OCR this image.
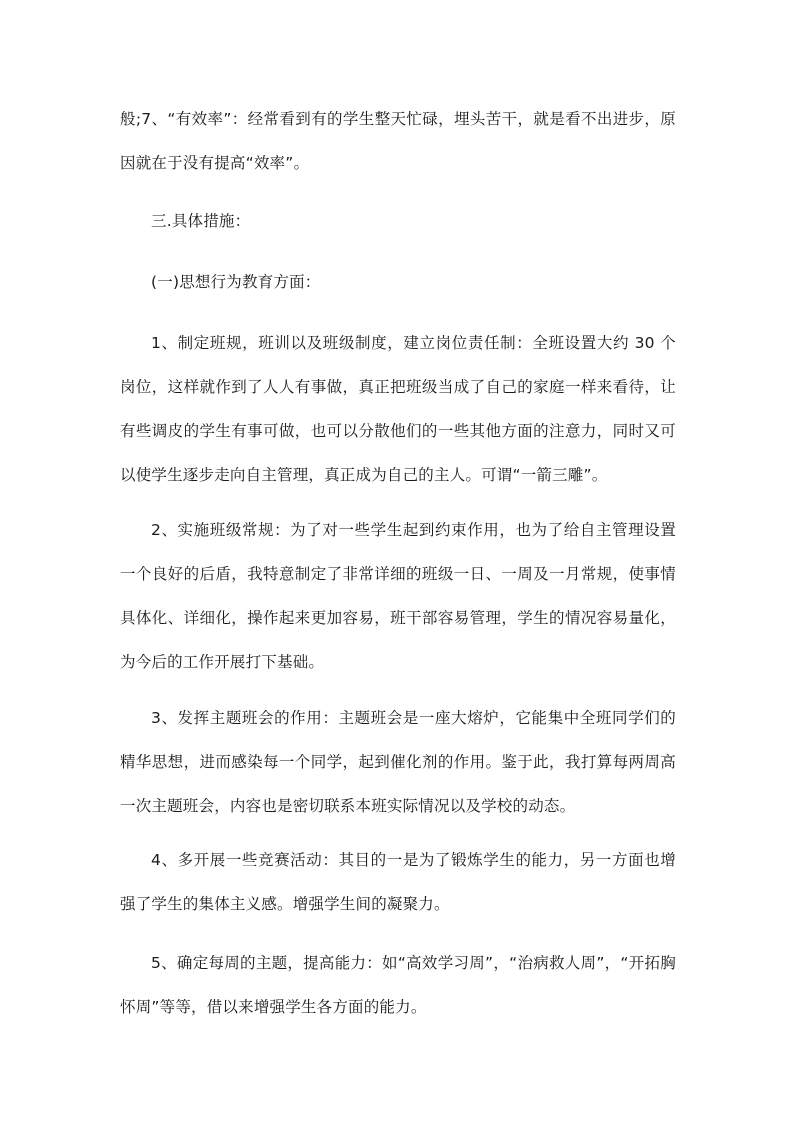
般;7、“有效率”：经常看到有的学生整天忙碌，埋头苦干，就是看不出进步，原因就在于没有提高“效率”。

三.具体措施：

(一)思想行为教育方面：

1、制定班规，班训以及班级制度，建立岗位责任制：全班设置大约 30 个岗位，这样就作到了人人有事做，真正把班级当成了自己的家庭一样来看待，让有些调皮的学生有事可做，也可以分散他们的一些其他方面的注意力，同时又可以使学生逐步走向自主管理，真正成为自己的主人。可谓“一箭三雕”。

2、实施班级常规：为了对一些学生起到约束作用，也为了给自主管理设置一个良好的后盾，我特意制定了非常详细的班级一日、一周及一月常规，使事情具体化、详细化，操作起来更加容易，班干部容易管理，学生的情况容易量化，为今后的工作开展打下基础。

3、发挥主题班会的作用：主题班会是一座大熔炉，它能集中全班同学们的精华思想，进而感染每一个同学，起到催化剂的作用。鉴于此，我打算每两周高一次主题班会，内容也是密切联系本班实际情况以及学校的动态。

4、多开展一些竞赛活动：其目的一是为了锻炼学生的能力，另一方面也增强了学生的集体主义感。增强学生间的凝聚力。

5、确定每周的主题，提高能力：如“高效学习周”，“治病救人周”，“开拓胸怀周”等等，借以来增强学生各方面的能力。
